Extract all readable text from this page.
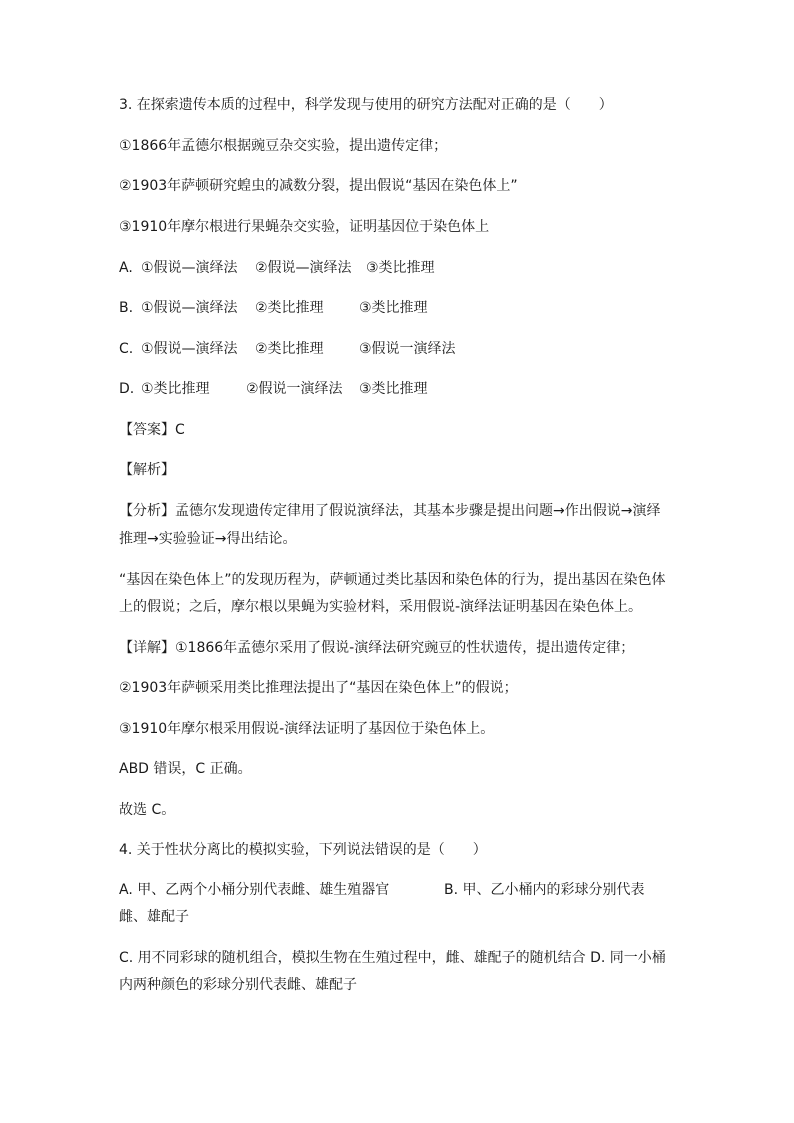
3. 在探索遗传本质的过程中，科学发现与使用的研究方法配对正确的是（　　）
①1866年孟德尔根据豌豆杂交实验，提出遗传定律；
②1903年萨顿研究蝗虫的减数分裂，提出假说“基因在染色体上”
③1910年摩尔根进行果蝇杂交实验，证明基因位于染色体上
A. ①假说—演绎法 ②假说—演绎法 ③类比推理
B. ①假说—演绎法 ②类比推理	③类比推理
C. ①假说—演绎法 ②类比推理	③假说一演绎法
D. ①类比推理	②假说一演绎法 ③类比推理
【答案】C
【解析】
【分析】孟德尔发现遗传定律用了假说演绎法，其基本步骤是提出问题→作出假说→演绎
推理→实验验证→得出结论。
“基因在染色体上”的发现历程为，萨顿通过类比基因和染色体的行为，提出基因在染色体
上的假说；之后，摩尔根以果蝇为实验材料，采用假说-演绎法证明基因在染色体上。
【详解】①1866年孟德尔采用了假说-演绎法研究豌豆的性状遗传，提出遗传定律；
②1903年萨顿采用类比推理法提出了“基因在染色体上”的假说；
③1910年摩尔根采用假说-演绎法证明了基因位于染色体上。
ABD 错误，C 正确。
故选 C。
4. 关于性状分离比的模拟实验，下列说法错误的是（　　）
A. 甲、乙两个小桶分别代表雌、雄生殖器官	B. 甲、乙小桶内的彩球分别代表
雌、雄配子
C. 用不同彩球的随机组合，模拟生物在生殖过程中，雌、雄配子的随机结合 D. 同一小桶
内两种颜色的彩球分别代表雌、雄配子
